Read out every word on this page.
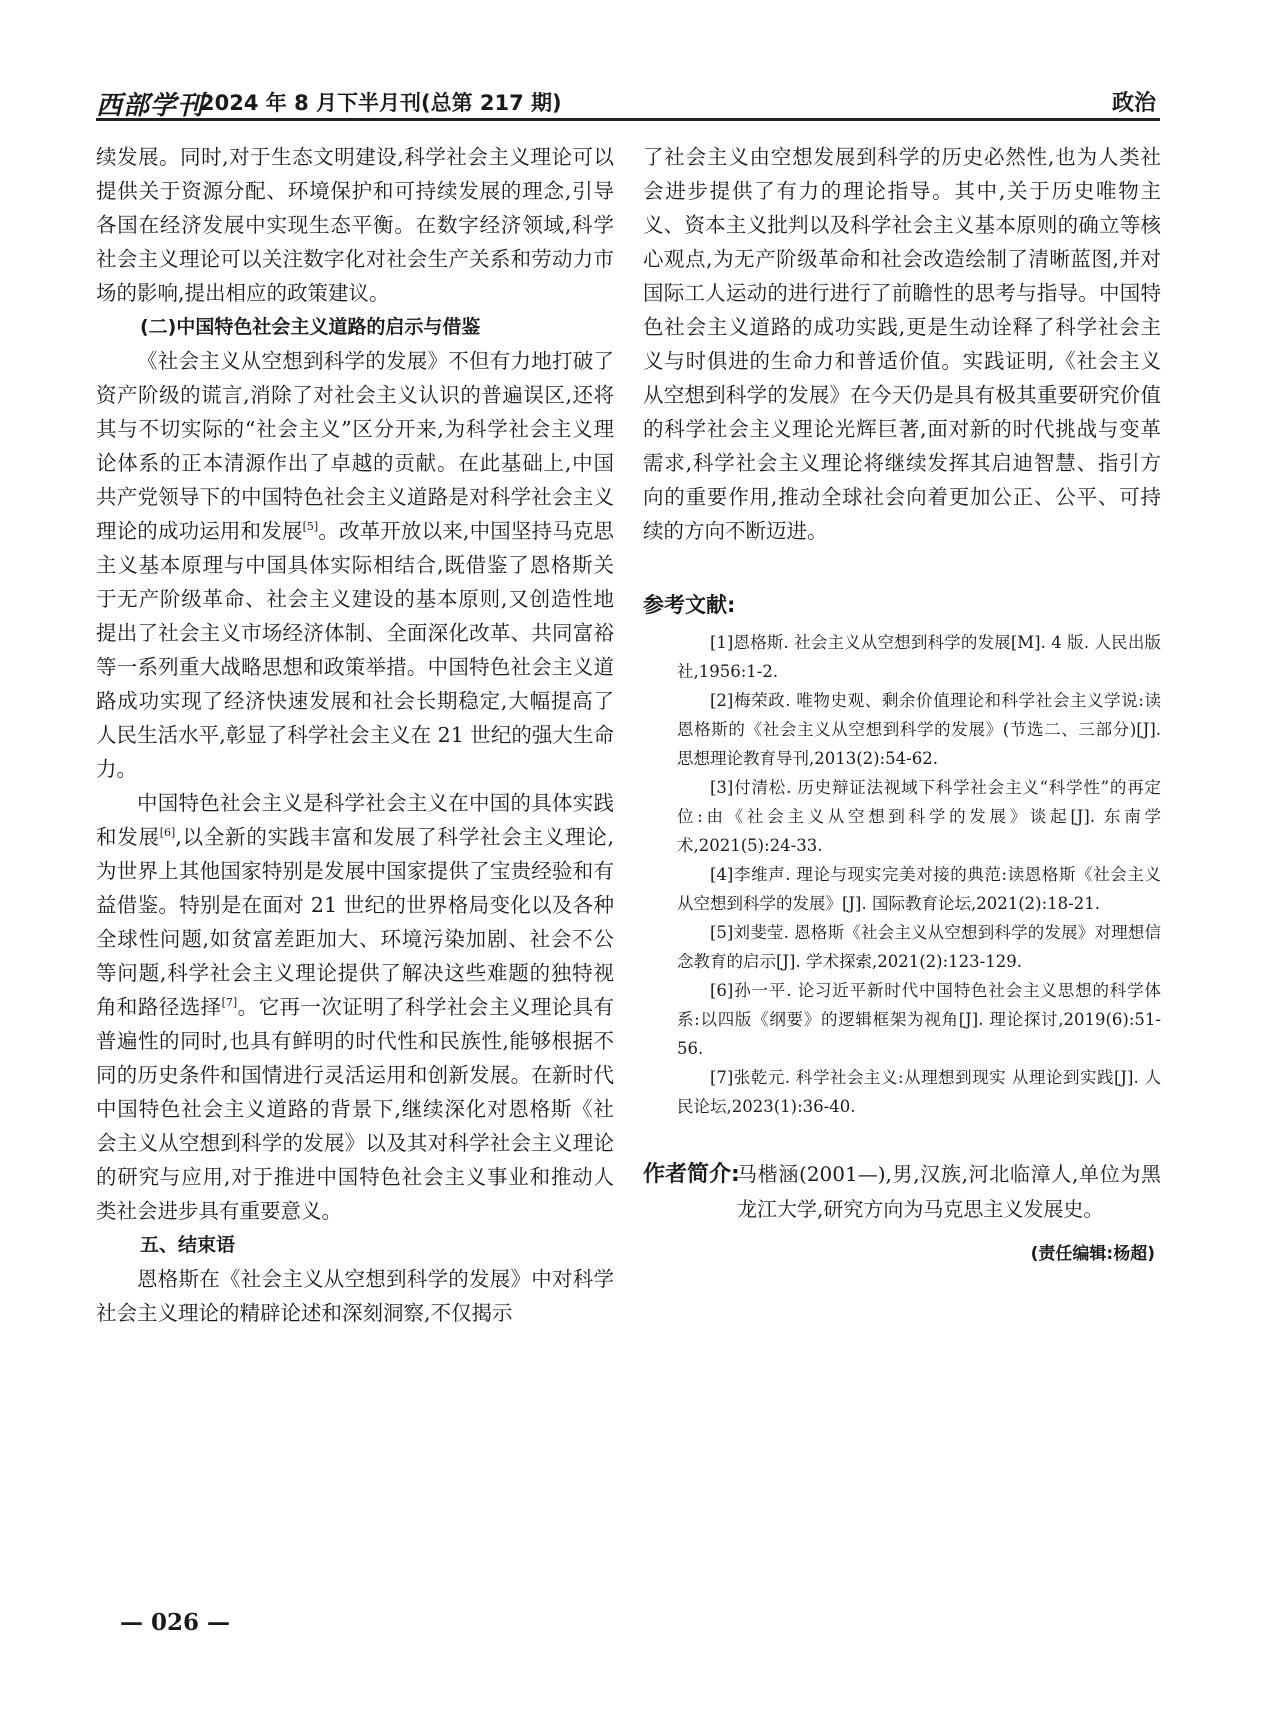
西部学刊
2024 年 8 月下半月刊(总第 217 期)	政治

续发展。同时,对于生态文明建设,科学社会主义理论可以提供关于资源分配、环境保护和可持续发展的理念,引导各国在经济发展中实现生态平衡。在数字经济领域,科学社会主义理论可以关注数字化对社会生产关系和劳动力市场的影响,提出相应的政策建议。

(二)中国特色社会主义道路的启示与借鉴

《社会主义从空想到科学的发展》不但有力地打破了资产阶级的谎言,消除了对社会主义认识的普遍误区,还将其与不切实际的“社会主义”区分开来,为科学社会主义理论体系的正本清源作出了卓越的贡献。在此基础上,中国共产党领导下的中国特色社会主义道路是对科学社会主义理论的成功运用和发展[5]。改革开放以来,中国坚持马克思主义基本原理与中国具体实际相结合,既借鉴了恩格斯关于无产阶级革命、社会主义建设的基本原则,又创造性地提出了社会主义市场经济体制、全面深化改革、共同富裕等一系列重大战略思想和政策举措。中国特色社会主义道路成功实现了经济快速发展和社会长期稳定,大幅提高了人民生活水平,彰显了科学社会主义在 21 世纪的强大生命力。

中国特色社会主义是科学社会主义在中国的具体实践和发展[6],以全新的实践丰富和发展了科学社会主义理论,为世界上其他国家特别是发展中国家提供了宝贵经验和有益借鉴。特别是在面对 21 世纪的世界格局变化以及各种全球性问题,如贫富差距加大、环境污染加剧、社会不公等问题,科学社会主义理论提供了解决这些难题的独特视角和路径选择[7]。它再一次证明了科学社会主义理论具有普遍性的同时,也具有鲜明的时代性和民族性,能够根据不同的历史条件和国情进行灵活运用和创新发展。在新时代中国特色社会主义道路的背景下,继续深化对恩格斯《社会主义从空想到科学的发展》以及其对科学社会主义理论的研究与应用,对于推进中国特色社会主义事业和推动人类社会进步具有重要意义。

五、结束语

恩格斯在《社会主义从空想到科学的发展》中对科学社会主义理论的精辟论述和深刻洞察,不仅揭示

了社会主义由空想发展到科学的历史必然性,也为人类社会进步提供了有力的理论指导。其中,关于历史唯物主义、资本主义批判以及科学社会主义基本原则的确立等核心观点,为无产阶级革命和社会改造绘制了清晰蓝图,并对国际工人运动的进行进行了前瞻性的思考与指导。中国特色社会主义道路的成功实践,更是生动诠释了科学社会主义与时俱进的生命力和普适价值。实践证明,《社会主义从空想到科学的发展》在今天仍是具有极其重要研究价值的科学社会主义理论光辉巨著,面对新的时代挑战与变革需求,科学社会主义理论将继续发挥其启迪智慧、指引方向的重要作用,推动全球社会向着更加公正、公平、可持续的方向不断迈进。

参考文献:

[1]恩格斯. 社会主义从空想到科学的发展[M]. 4 版. 人民出版社,1956:1-2.

[2]梅荣政. 唯物史观、剩余价值理论和科学社会主义学说:读恩格斯的《社会主义从空想到科学的发展》(节选二、三部分)[J]. 思想理论教育导刊,2013(2):54-62.

[3]付清松. 历史辩证法视域下科学社会主义“科学性”的再定位:由《社会主义从空想到科学的发展》谈起[J]. 东南学术,2021(5):24-33.

[4]李维声. 理论与现实完美对接的典范:读恩格斯《社会主义从空想到科学的发展》[J]. 国际教育论坛,2021(2):18-21.

[5]刘斐莹. 恩格斯《社会主义从空想到科学的发展》对理想信念教育的启示[J]. 学术探索,2021(2):123-129.

[6]孙一平. 论习近平新时代中国特色社会主义思想的科学体系:以四版《纲要》的逻辑框架为视角[J]. 理论探讨,2019(6):51-56.

[7]张乾元. 科学社会主义:从理想到现实 从理论到实践[J]. 人民论坛,2023(1):36-40.

作者简介:
马楷涵(2001—),男,汉族,河北临漳人,单位为黑龙江大学,研究方向为马克思主义发展史。
(责任编辑:杨超)
— 026 —
